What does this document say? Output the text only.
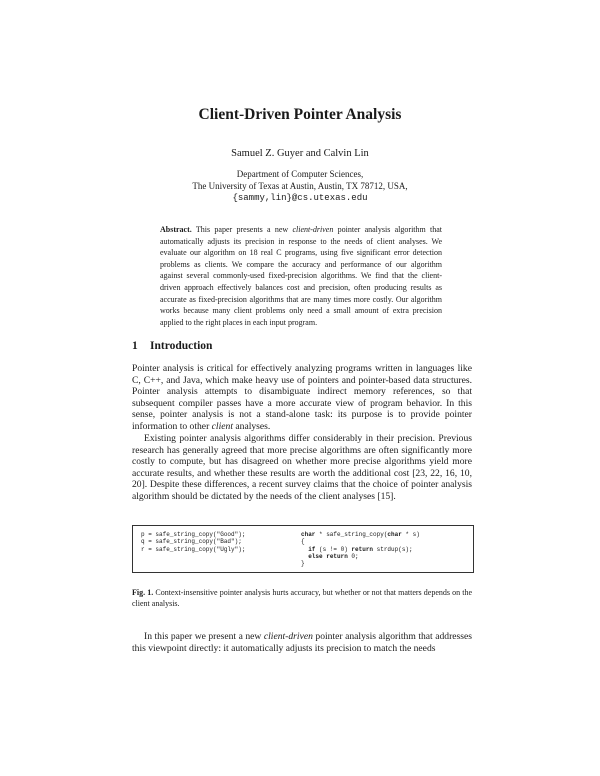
Client-Driven Pointer Analysis
Samuel Z. Guyer and Calvin Lin
Department of Computer Sciences,
The University of Texas at Austin, Austin, TX 78712, USA,
{sammy,lin}@cs.utexas.edu
Abstract. This paper presents a new client-driven pointer analysis algorithm that automatically adjusts its precision in response to the needs of client analyses. We evaluate our algorithm on 18 real C programs, using five significant error detection problems as clients. We compare the accuracy and performance of our algorithm against several commonly-used fixed-precision algorithms. We find that the client-driven approach effectively balances cost and precision, often producing results as accurate as fixed-precision algorithms that are many times more costly. Our algorithm works because many client problems only need a small amount of extra precision applied to the right places in each input program.
1 Introduction
Pointer analysis is critical for effectively analyzing programs written in languages like C, C++, and Java, which make heavy use of pointers and pointer-based data structures. Pointer analysis attempts to disambiguate indirect memory references, so that subsequent compiler passes have a more accurate view of program behavior. In this sense, pointer analysis is not a stand-alone task: its purpose is to provide pointer information to other client analyses.
Existing pointer analysis algorithms differ considerably in their precision. Previous research has generally agreed that more precise algorithms are often significantly more costly to compute, but has disagreed on whether more precise algorithms yield more accurate results, and whether these results are worth the additional cost [23, 22, 16, 10, 20]. Despite these differences, a recent survey claims that the choice of pointer analysis algorithm should be dictated by the needs of the client analyses [15].
p = safe_string_copy("Good");
q = safe_string_copy("Bad");
r = safe_string_copy("Ugly");
char * safe_string_copy(char * s)
{
if (s != 0) return strdup(s);
else return 0;
}
Fig. 1. Context-insensitive pointer analysis hurts accuracy, but whether or not that matters depends on the client analysis.
In this paper we present a new client-driven pointer analysis algorithm that addresses this viewpoint directly: it automatically adjusts its precision to match the needs
